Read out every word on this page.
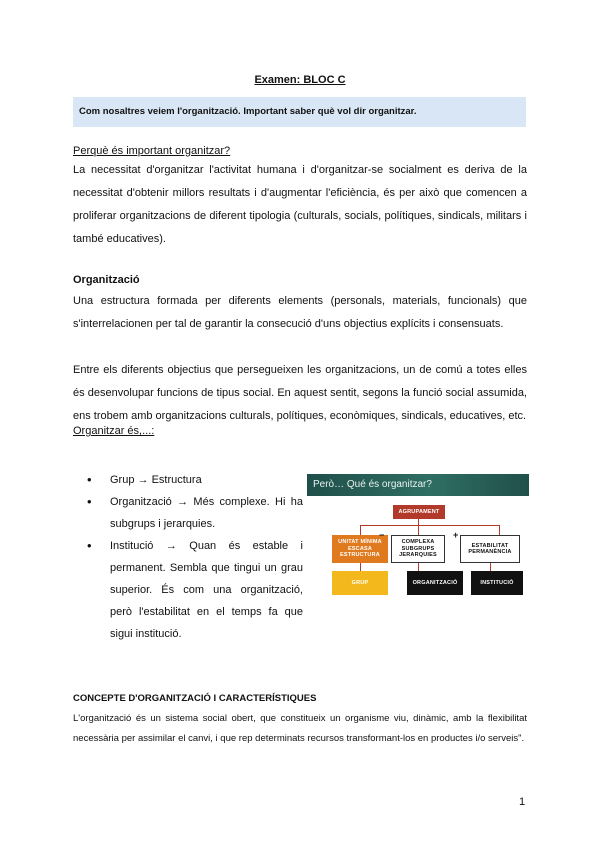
Examen: BLOC C
Com nosaltres veiem l'organització. Important saber què vol dir organitzar.
Perquè és important organitzar?

La necessitat d'organitzar l'activitat humana i d'organitzar-se socialment es deriva de la necessitat d'obtenir millors resultats i d'augmentar l'eficiència, és per això que comencen a proliferar organitzacions de diferent tipologia (culturals, socials, polítiques, sindicals, militars i també educatives).

Organització

Una estructura formada per diferents elements (personals, materials, funcionals) que s'interrelacionen per tal de garantir la consecució d'uns objectius explícits i consensuats.

Entre els diferents objectius que persegueixen les organitzacions, un de comú a totes elles és desenvolupar funcions de tipus social. En aquest sentit, segons la funció social assumida, ens trobem amb organitzacions culturals, polítiques, econòmiques, sindicals, educatives, etc.

Organitzar és,...:
• Grup → Estructura
• Organització → Més complexe. Hi ha subgrups i jerarquies.
• Institució → Quan és estable i permanent. Sembla que tingui un grau superior. És com una organització, però l'estabilitat en el temps fa que sigui institució.
Però… Qué és organitzar?
AGRUPAMENT
UNITAT MÍNIMA ESCASA ESTRUCTURA
COMPLEXA SUBGRUPS JERARQUIES
ESTABILITAT PERMANÈNCIA
−	+
GRUP	ORGANITZACIÓ	INSTITUCIÓ
CONCEPTE D'ORGANITZACIÓ I CARACTERÍSTIQUES

L'organització és un sistema social obert, que constitueix un organisme viu, dinàmic, amb la flexibilitat necessària per assimilar el canvi, i que rep determinats recursos transformant-los en productes i/o serveis".

1
